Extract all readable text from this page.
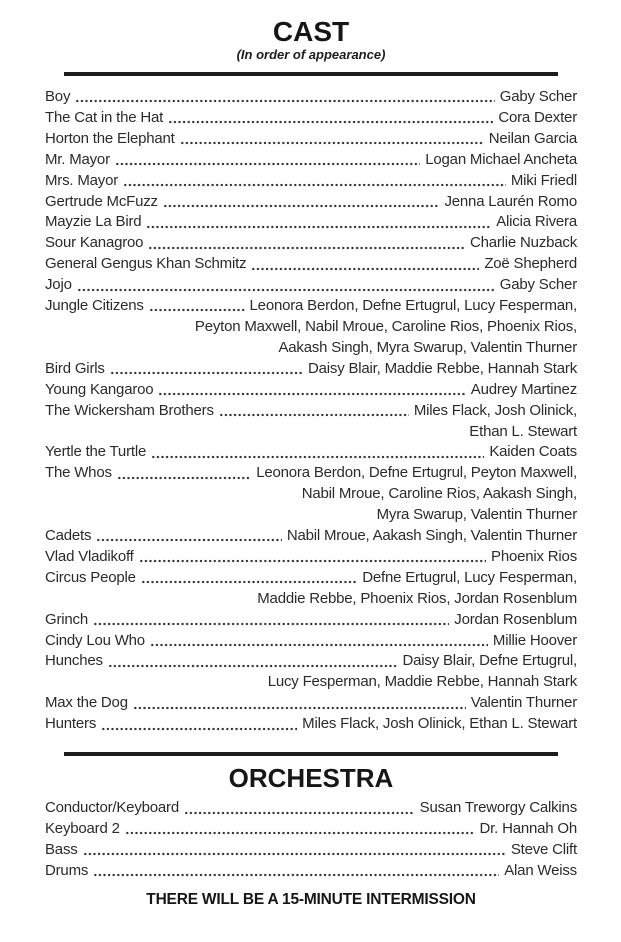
CAST
(In order of appearance)
Boy	Gaby Scher
The Cat in the Hat	Cora Dexter
Horton the Elephant	Neilan Garcia
Mr. Mayor	Logan Michael Ancheta
Mrs. Mayor	Miki Friedl
Gertrude McFuzz	Jenna Laurén Romo
Mayzie La Bird	Alicia Rivera
Sour Kanagroo	Charlie Nuzback
General Gengus Khan Schmitz	Zoë Shepherd
Jojo	Gaby Scher
Jungle Citizens	Leonora Berdon, Defne Ertugrul, Lucy Fesperman,
Peyton Maxwell, Nabil Mroue, Caroline Rios, Phoenix Rios,
Aakash Singh, Myra Swarup, Valentin Thurner
Bird Girls	Daisy Blair, Maddie Rebbe, Hannah Stark
Young Kangaroo	Audrey Martinez
The Wickersham Brothers	Miles Flack, Josh Olinick,
Ethan L. Stewart
Yertle the Turtle	Kaiden Coats
The Whos	Leonora Berdon, Defne Ertugrul, Peyton Maxwell,
Nabil Mroue, Caroline Rios, Aakash Singh,
Myra Swarup, Valentin Thurner
Cadets	Nabil Mroue, Aakash Singh, Valentin Thurner
Vlad Vladikoff	Phoenix Rios
Circus People	Defne Ertugrul, Lucy Fesperman,
Maddie Rebbe, Phoenix Rios, Jordan Rosenblum
Grinch	Jordan Rosenblum
Cindy Lou Who	Millie Hoover
Hunches	Daisy Blair, Defne Ertugrul,
Lucy Fesperman, Maddie Rebbe, Hannah Stark
Max the Dog	Valentin Thurner
Hunters	Miles Flack, Josh Olinick, Ethan L. Stewart
ORCHESTRA
Conductor/Keyboard	Susan Treworgy Calkins
Keyboard 2	Dr. Hannah Oh
Bass	Steve Clift
Drums	Alan Weiss
THERE WILL BE A 15-MINUTE INTERMISSION
